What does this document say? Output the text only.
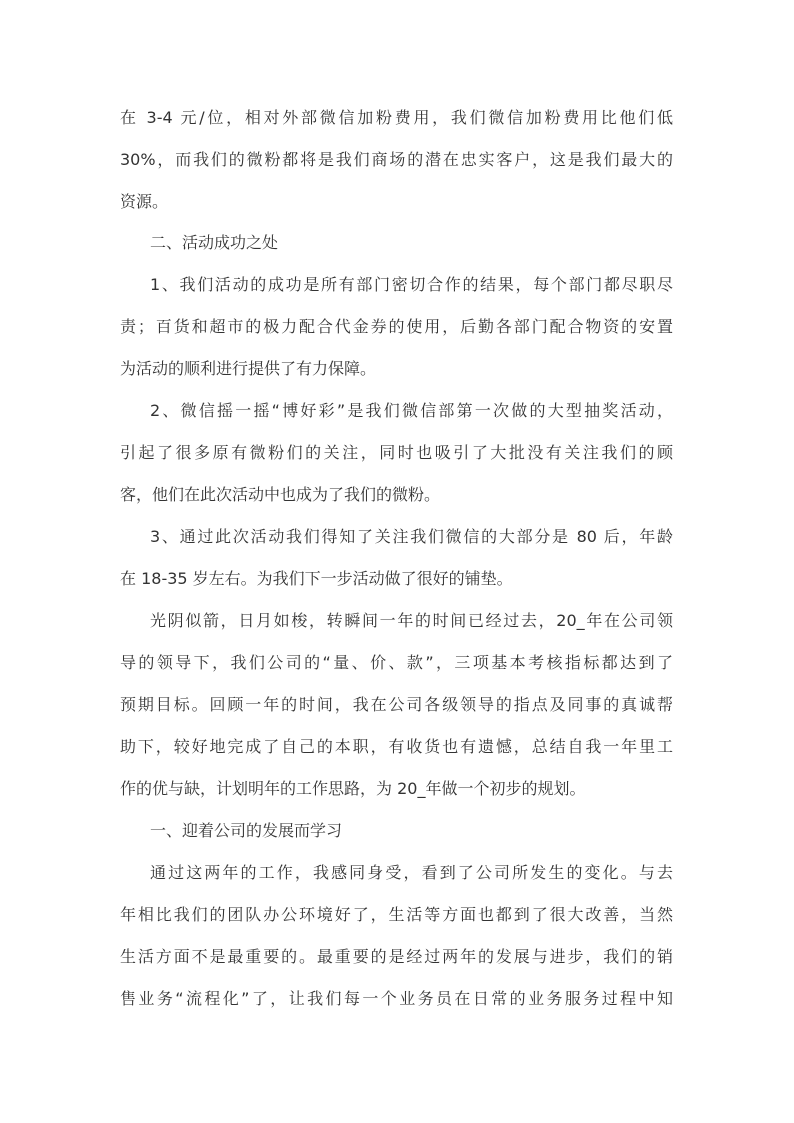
在 3-4 元/位，相对外部微信加粉费用，我们微信加粉费用比他们低
30%，而我们的微粉都将是我们商场的潜在忠实客户，这是我们最大的
资源。
二、活动成功之处
1、我们活动的成功是所有部门密切合作的结果，每个部门都尽职尽
责；百货和超市的极力配合代金券的使用，后勤各部门配合物资的安置
为活动的顺利进行提供了有力保障。
2、微信摇一摇“博好彩”是我们微信部第一次做的大型抽奖活动，
引起了很多原有微粉们的关注，同时也吸引了大批没有关注我们的顾
客，他们在此次活动中也成为了我们的微粉。
3、通过此次活动我们得知了关注我们微信的大部分是 80 后，年龄
在 18-35 岁左右。为我们下一步活动做了很好的铺垫。
光阴似箭，日月如梭，转瞬间一年的时间已经过去，20_年在公司领
导的领导下，我们公司的“量、价、款”，三项基本考核指标都达到了
预期目标。回顾一年的时间，我在公司各级领导的指点及同事的真诚帮
助下，较好地完成了自己的本职，有收货也有遗憾，总结自我一年里工
作的优与缺，计划明年的工作思路，为 20_年做一个初步的规划。
一、迎着公司的发展而学习
通过这两年的工作，我感同身受，看到了公司所发生的变化。与去
年相比我们的团队办公环境好了，生活等方面也都到了很大改善，当然
生活方面不是最重要的。最重要的是经过两年的发展与进步，我们的销
售业务“流程化”了，让我们每一个业务员在日常的业务服务过程中知
